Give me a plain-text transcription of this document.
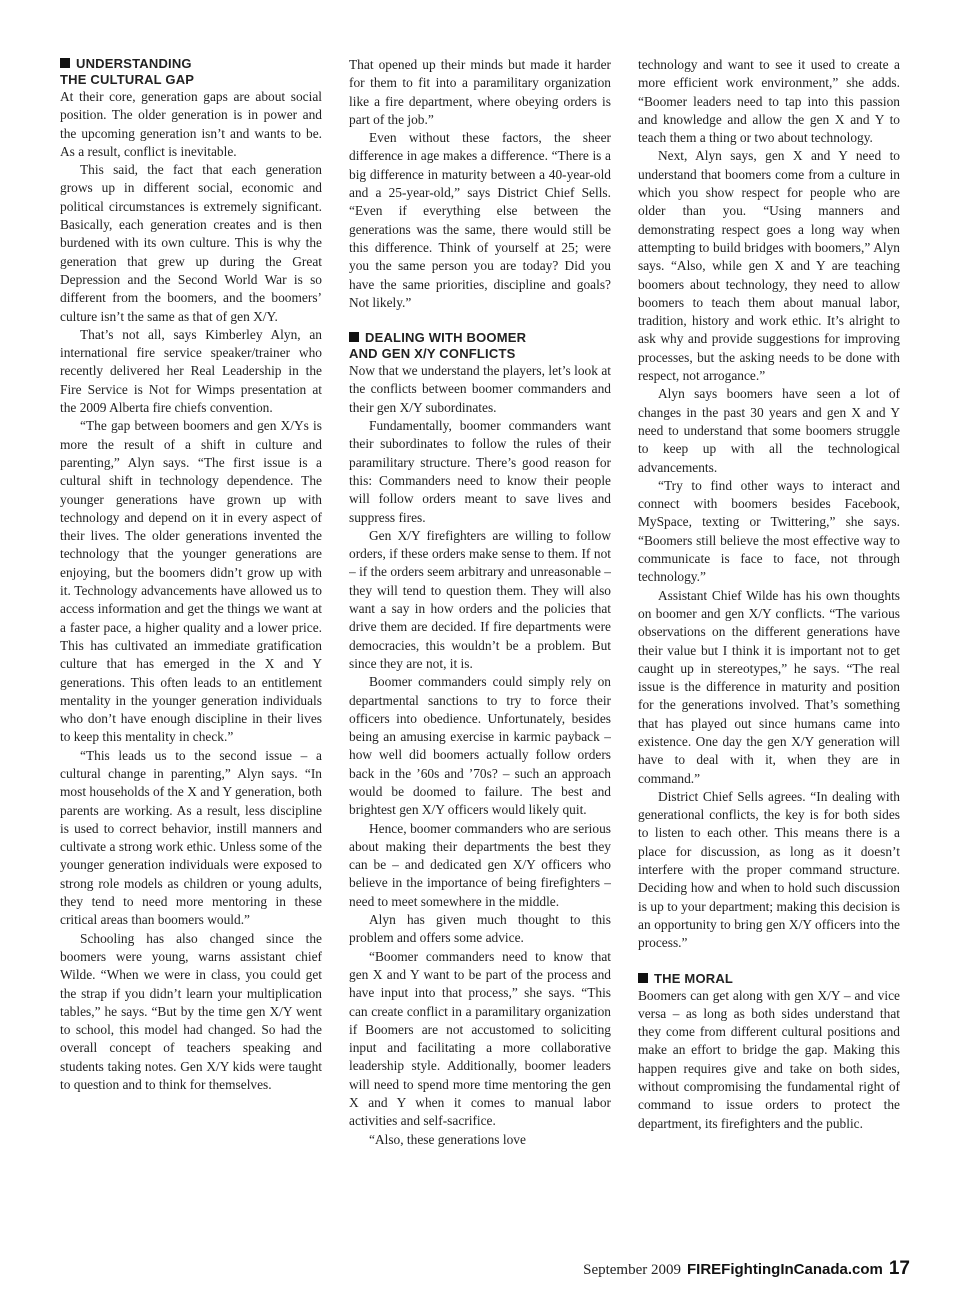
UNDERSTANDING
THE CULTURAL GAP

At their core, generation gaps are about social position. The older generation is in power and the upcoming generation isn’t and wants to be. As a result, conflict is inevitable.

This said, the fact that each generation grows up in different social, economic and political circumstances is extremely significant. Basically, each generation creates and is then burdened with its own culture. This is why the generation that grew up during the Great Depression and the Second World War is so different from the boomers, and the boomers’ culture isn’t the same as that of gen X/Y.

That’s not all, says Kimberley Alyn, an international fire service speaker/trainer who recently delivered her Real Leadership in the Fire Service is Not for Wimps presentation at the 2009 Alberta fire chiefs convention.

“The gap between boomers and gen X/Ys is more the result of a shift in culture and parenting,” Alyn says. “The first issue is a cultural shift in technology dependence. The younger generations have grown up with technology and depend on it in every aspect of their lives. The older generations invented the technology that the younger generations are enjoying, but the boomers didn’t grow up with it. Technology advancements have allowed us to access information and get the things we want at a faster pace, a higher quality and a lower price. This has cultivated an immediate gratification culture that has emerged in the X and Y generations. This often leads to an entitlement mentality in the younger generation individuals who don’t have enough discipline in their lives to keep this mentality in check.”

“This leads us to the second issue – a cultural change in parenting,” Alyn says. “In most households of the X and Y generation, both parents are working. As a result, less discipline is used to correct behavior, instill manners and cultivate a strong work ethic. Unless some of the younger generation individuals were exposed to strong role models as children or young adults, they tend to need more mentoring in these critical areas than boomers would.”

Schooling has also changed since the boomers were young, warns assistant chief Wilde. “When we were in class, you could get the strap if you didn’t learn your multiplication tables,” he says. “But by the time gen X/Y went to school, this model had changed. So had the overall concept of teachers speaking and students taking notes. Gen X/Y kids were taught to question and to think for themselves.

That opened up their minds but made it harder for them to fit into a paramilitary organization like a fire department, where obeying orders is part of the job.”

Even without these factors, the sheer difference in age makes a difference. “There is a big difference in maturity between a 40-year-old and a 25-year-old,” says District Chief Sells. “Even if everything else between the generations was the same, there would still be this difference. Think of yourself at 25; were you the same person you are today? Did you have the same priorities, discipline and goals? Not likely.”

DEALING WITH BOOMER
AND GEN X/Y CONFLICTS

Now that we understand the players, let’s look at the conflicts between boomer commanders and their gen X/Y subordinates.

Fundamentally, boomer commanders want their subordinates to follow the rules of their paramilitary structure. There’s good reason for this: Commanders need to know their people will follow orders meant to save lives and suppress fires.

Gen X/Y firefighters are willing to follow orders, if these orders make sense to them. If not – if the orders seem arbitrary and unreasonable – they will tend to question them. They will also want a say in how orders and the policies that drive them are decided. If fire departments were democracies, this wouldn’t be a problem. But since they are not, it is.

Boomer commanders could simply rely on departmental sanctions to try to force their officers into obedience. Unfortunately, besides being an amusing exercise in karmic payback – how well did boomers actually follow orders back in the ’60s and ’70s? – such an approach would be doomed to failure. The best and brightest gen X/Y officers would likely quit.

Hence, boomer commanders who are serious about making their departments the best they can be – and dedicated gen X/Y officers who believe in the importance of being firefighters – need to meet somewhere in the middle.

Alyn has given much thought to this problem and offers some advice.

“Boomer commanders need to know that gen X and Y want to be part of the process and have input into that process,” she says. “This can create conflict in a paramilitary organization if Boomers are not accustomed to soliciting input and facilitating a more collaborative leadership style. Additionally, boomer leaders will need to spend more time mentoring the gen X and Y when it comes to manual labor activities and self-sacrifice.

“Also, these generations love

technology and want to see it used to create a more efficient work environment,” she adds. “Boomer leaders need to tap into this passion and knowledge and allow the gen X and Y to teach them a thing or two about technology.

Next, Alyn says, gen X and Y need to understand that boomers come from a culture in which you show respect for people who are older than you. “Using manners and demonstrating respect goes a long way when attempting to build bridges with boomers,” Alyn says. “Also, while gen X and Y are teaching boomers about technology, they need to allow boomers to teach them about manual labor, tradition, history and work ethic. It’s alright to ask why and provide suggestions for improving processes, but the asking needs to be done with respect, not arrogance.”

Alyn says boomers have seen a lot of changes in the past 30 years and gen X and Y need to understand that some boomers struggle to keep up with all the technological advancements.

“Try to find other ways to interact and connect with boomers besides Facebook, MySpace, texting or Twittering,” she says. “Boomers still believe the most effective way to communicate is face to face, not through technology.”

Assistant Chief Wilde has his own thoughts on boomer and gen X/Y conflicts. “The various observations on the different generations have their value but I think it is important not to get caught up in stereotypes,” he says. “The real issue is the difference in maturity and position for the generations involved. That’s something that has played out since humans came into existence. One day the gen X/Y generation will have to deal with it, when they are in command.”

District Chief Sells agrees. “In dealing with generational conflicts, the key is for both sides to listen to each other. This means there is a place for discussion, as long as it doesn’t interfere with the proper command structure. Deciding how and when to hold such discussion is up to your department; making this decision is an opportunity to bring gen X/Y officers into the process.”

THE MORAL

Boomers can get along with gen X/Y – and vice versa – as long as both sides understand that they come from different cultural positions and make an effort to bridge the gap. Making this happen requires give and take on both sides, without compromising the fundamental right of command to issue orders to protect the department, its firefighters and the public.

September 2009 FIREFightingInCanada.com 17
